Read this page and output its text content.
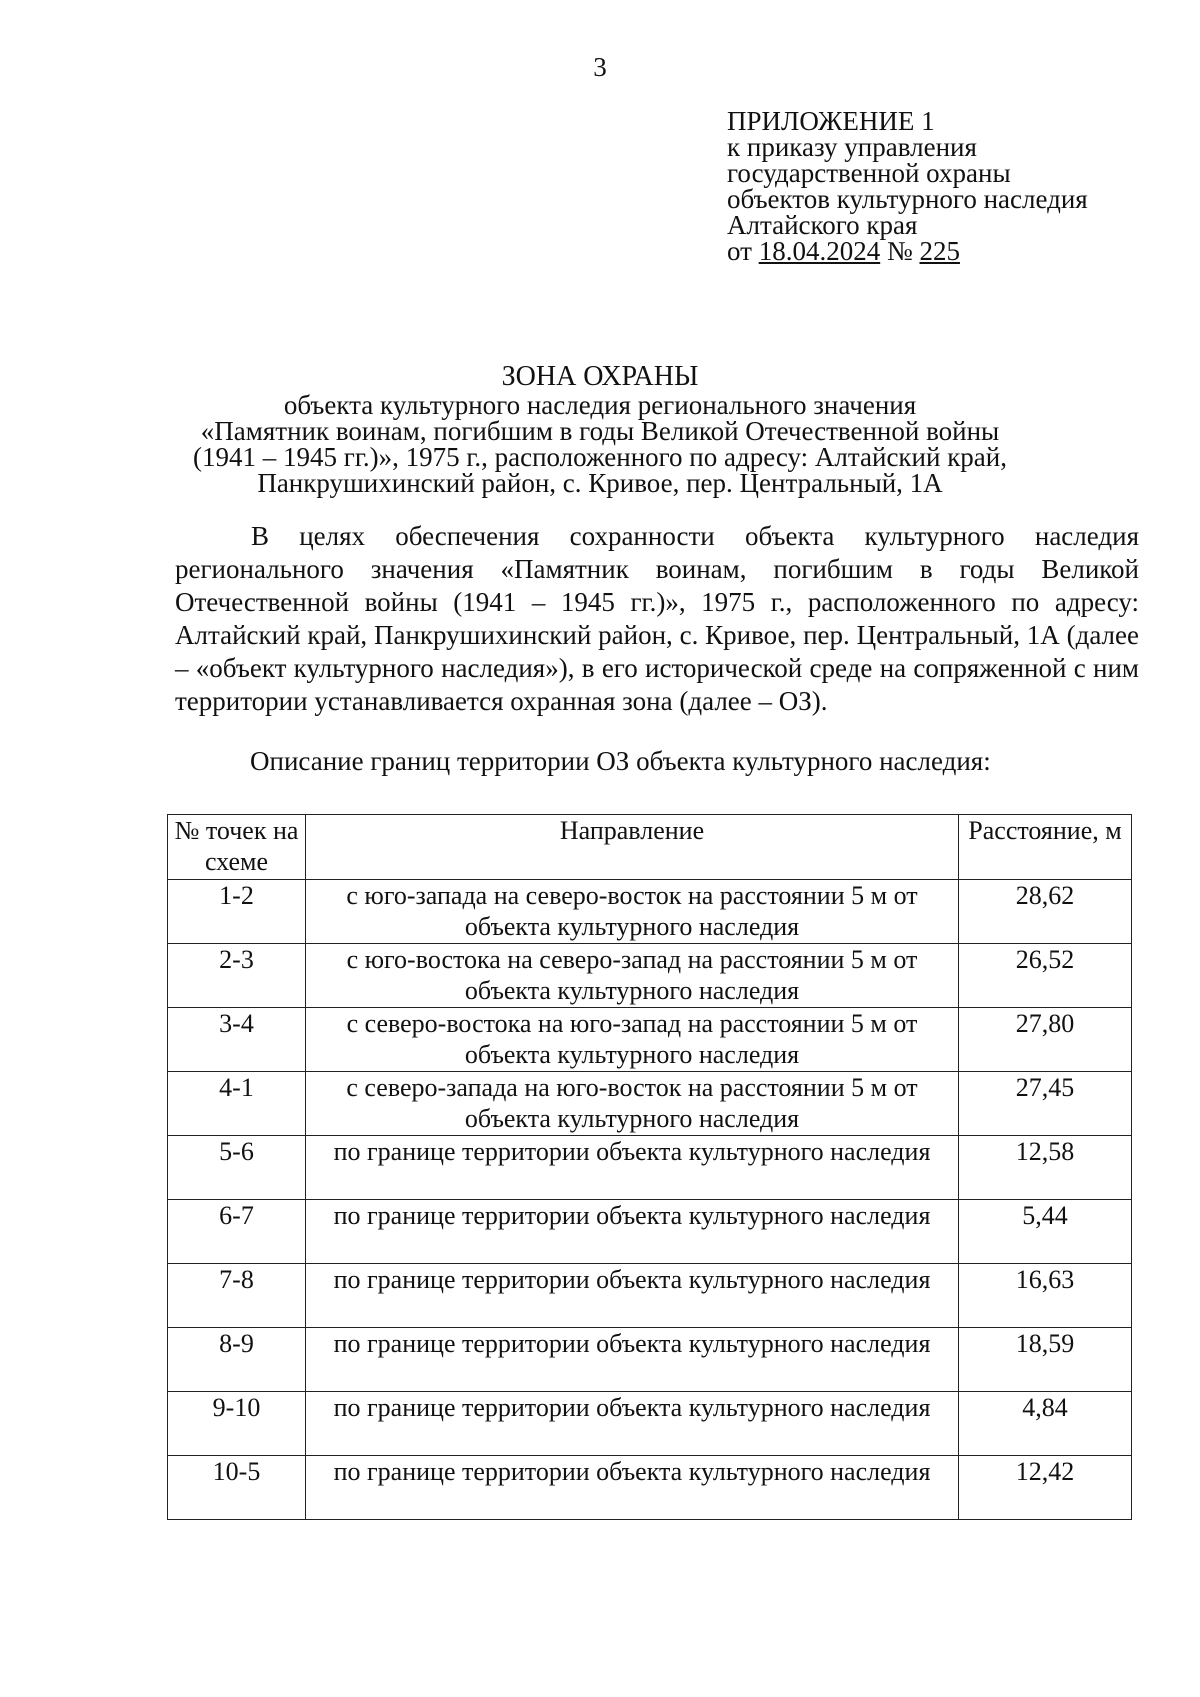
3
ПРИЛОЖЕНИЕ 1
к приказу управления
государственной охраны
объектов культурного наследия
Алтайского края
от 18.04.2024 № 225
ЗОНА ОХРАНЫ
объекта культурного наследия регионального значения
«Памятник воинам, погибшим в годы Великой Отечественной войны
(1941 – 1945 гг.)», 1975 г., расположенного по адресу: Алтайский край,
Панкрушихинский район, с. Кривое, пер. Центральный, 1А

В целях обеспечения сохранности объекта культурного наследия регионального значения «Памятник воинам, погибшим в годы Великой Отечественной войны (1941 – 1945 гг.)», 1975 г., расположенного по адресу: Алтайский край, Панкрушихинский район, с. Кривое, пер. Центральный, 1А (далее – «объект культурного наследия»), в его исторической среде на сопряженной с ним территории устанавливается охранная зона (далее – ОЗ).

Описание границ территории ОЗ объекта культурного наследия:
№ точек на схеме	Направление	Расстояние, м
1-2	с юго-запада на северо-восток на расстоянии 5 м от объекта культурного наследия	28,62
2-3	с юго-востока на северо-запад на расстоянии 5 м от объекта культурного наследия	26,52
3-4	с северо-востока на юго-запад на расстоянии 5 м от объекта культурного наследия	27,80
4-1	с северо-запада на юго-восток на расстоянии 5 м от объекта культурного наследия	27,45
5-6	по границе территории объекта культурного наследия	12,58
6-7	по границе территории объекта культурного наследия	5,44
7-8	по границе территории объекта культурного наследия	16,63
8-9	по границе территории объекта культурного наследия	18,59
9-10	по границе территории объекта культурного наследия	4,84
10-5	по границе территории объекта культурного наследия	12,42
